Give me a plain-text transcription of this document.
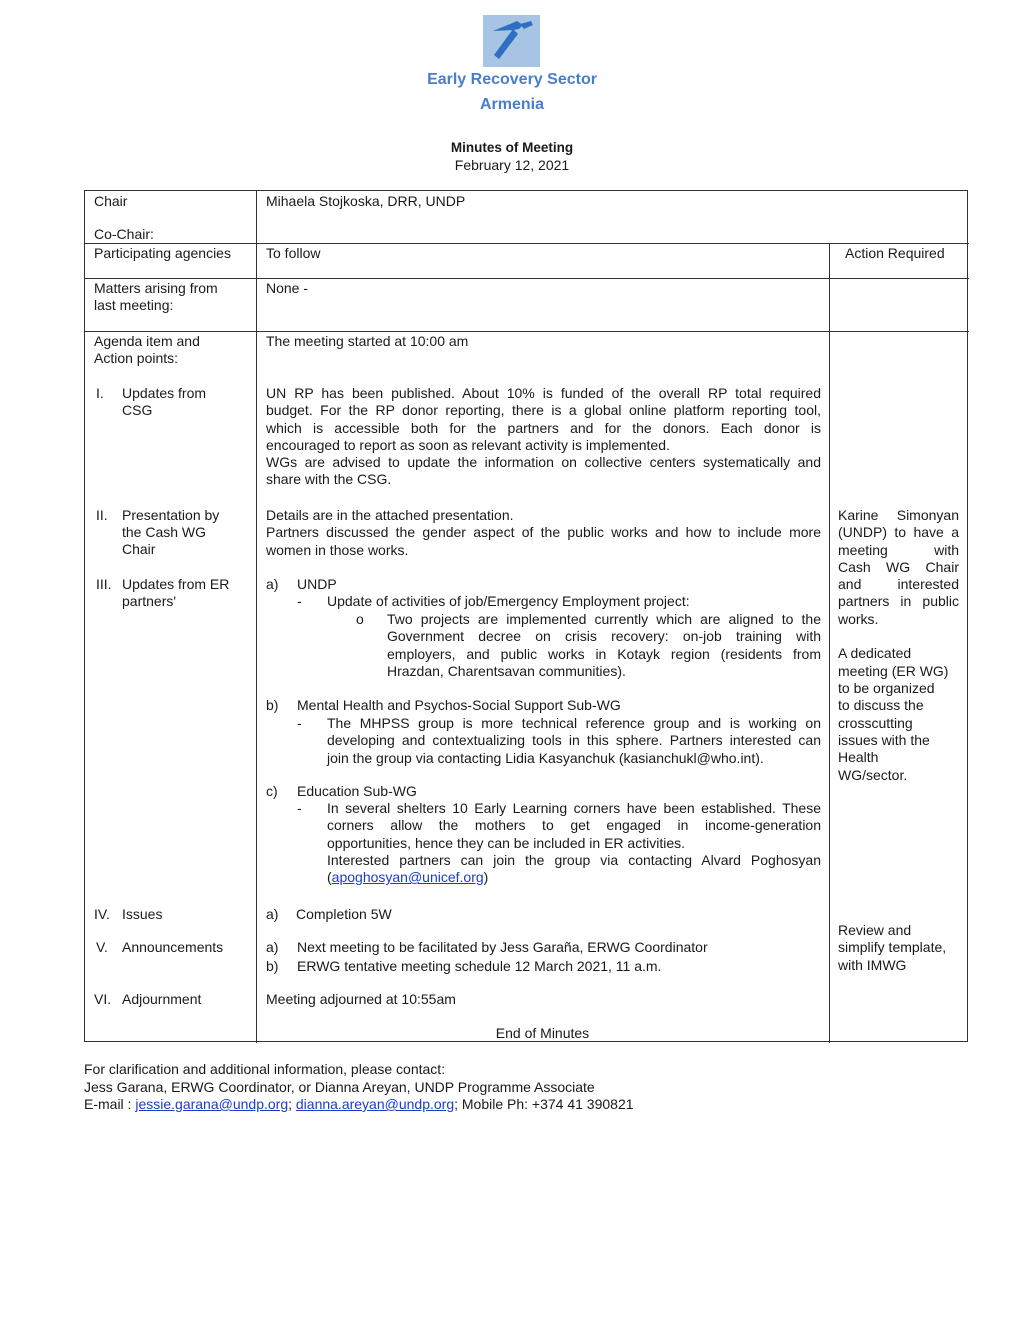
Early Recovery Sector
Armenia
Minutes of Meeting
February 12, 2021
Chair
Co-Chair:
Participating agencies
Matters arising from
last meeting:
Agenda item and
Action points:
I. Updates from
CSG
II. Presentation by
the Cash WG
Chair
III. Updates from ER
partners'
IV. Issues
V. Announcements
VI. Adjournment
Mihaela Stojkoska, DRR, UNDP
To follow
None -
The meeting started at 10:00 am
UN RP has been published. About 10% is funded of the overall RP total required
budget. For the RP donor reporting, there is a global online platform reporting tool,
which is accessible both for the partners and for the donors. Each donor is
encouraged to report as soon as relevant activity is implemented.
WGs are advised to update the information on collective centers systematically and
share with the CSG.
Details are in the attached presentation.
Partners discussed the gender aspect of the public works and how to include more
women in those works.
a) UNDP
- Update of activities of job/Emergency Employment project:
o Two projects are implemented currently which are aligned to the
Government decree on crisis recovery: on-job training with
employers, and public works in Kotayk region (residents from
Hrazdan, Charentsavan communities).
b) Mental Health and Psychos-Social Support Sub-WG
- The MHPSS group is more technical reference group and is working on
developing and contextualizing tools in this sphere. Partners interested can
join the group via contacting Lidia Kasyanchuk (kasianchukl@who.int).
c) Education Sub-WG
- In several shelters 10 Early Learning corners have been established. These
corners allow the mothers to get engaged in income-generation
opportunities, hence they can be included in ER activities.
Interested partners can join the group via contacting Alvard Poghosyan
(apoghosyan@unicef.org)
a) Completion 5W
a) Next meeting to be facilitated by Jess Garaña, ERWG Coordinator
b) ERWG tentative meeting schedule 12 March 2021, 11 a.m.
Meeting adjourned at 10:55am
End of Minutes
Action Required
Karine Simonyan
(UNDP) to have a
meeting with
Cash WG Chair
and interested
partners in public
works.
A dedicated
meeting (ER WG)
to be organized
to discuss the
crosscutting
issues with the
Health
WG/sector.
Review and
simplify template,
with IMWG
For clarification and additional information, please contact:
Jess Garana, ERWG Coordinator, or Dianna Areyan, UNDP Programme Associate
E-mail : jessie.garana@undp.org; dianna.areyan@undp.org; Mobile Ph: +374 41 390821
